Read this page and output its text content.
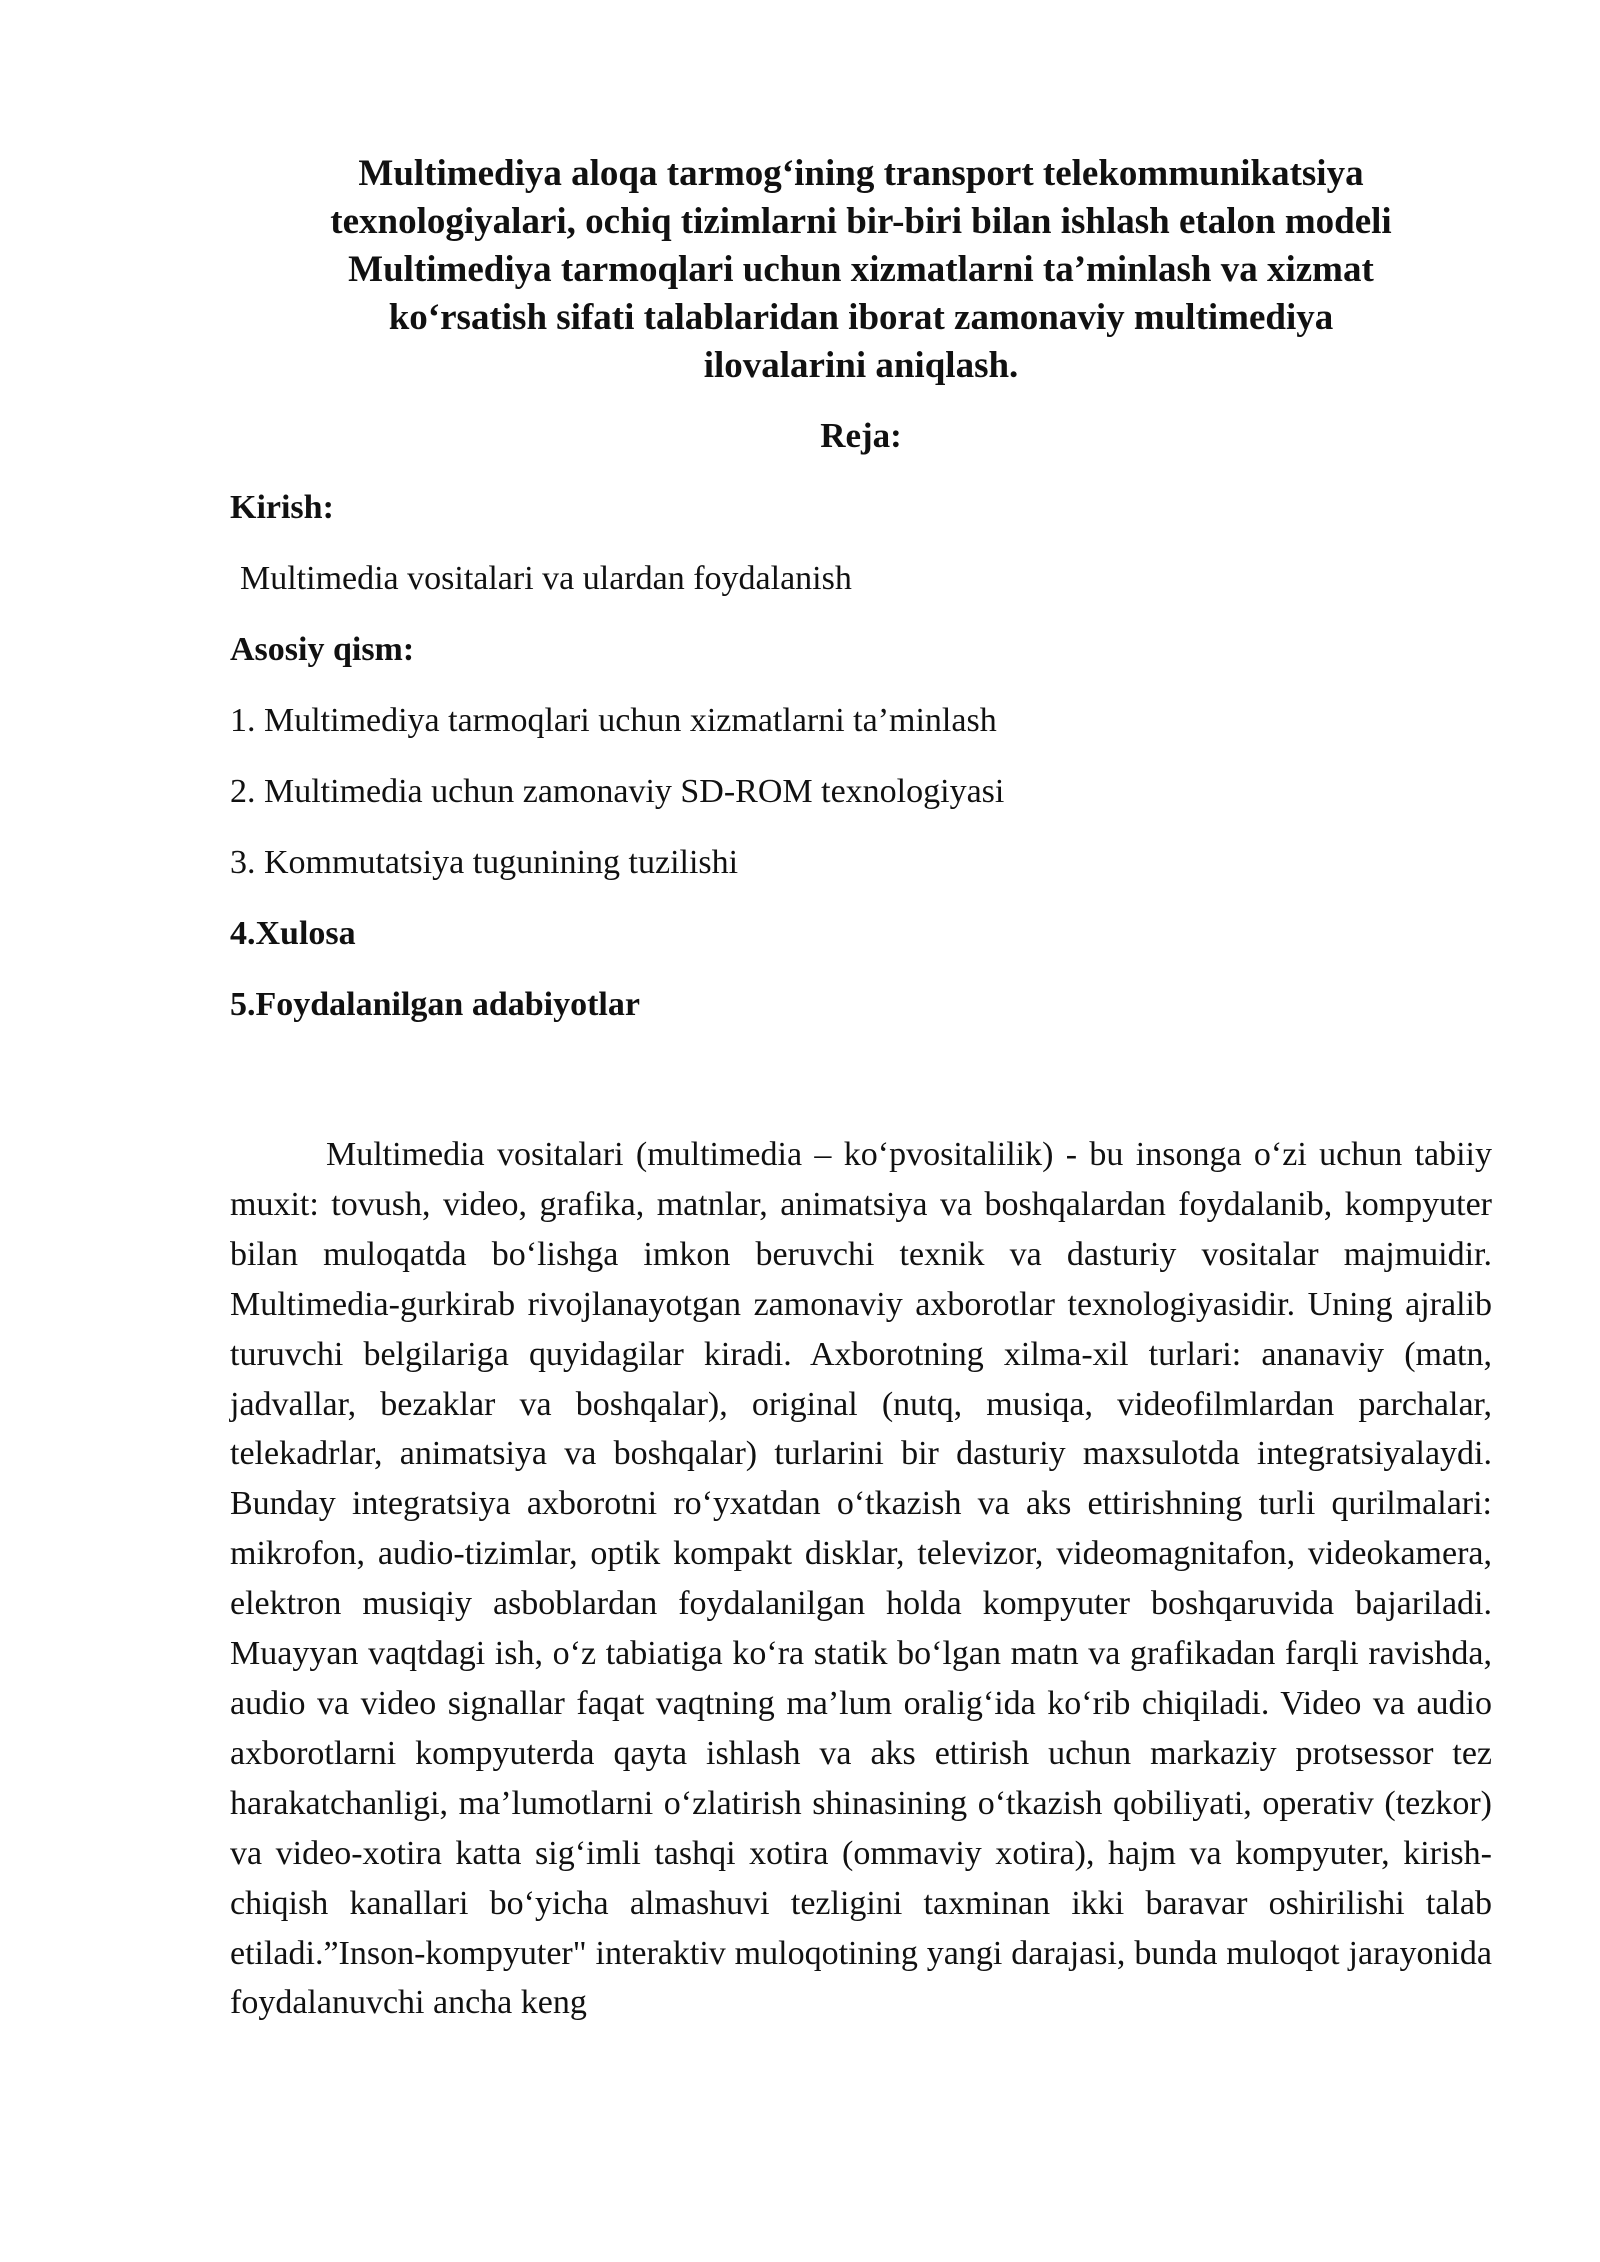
Multimediya aloqa tarmog‘ining transport telekommunikatsiya
texnologiyalari, ochiq tizimlarni bir-biri bilan ishlash etalon modeli
Multimediya tarmoqlari uchun xizmatlarni ta’minlash va xizmat
ko‘rsatish sifati talablaridan iborat zamonaviy multimediya
ilovalarini aniqlash.
Reja:
Kirish:
Multimedia vositalari va ulardan foydalanish
Asosiy qism:
1. Multimediya tarmoqlari uchun xizmatlarni ta’minlash
2. Multimedia uchun zamonaviy SD-ROM texnologiyasi
3. Kommutatsiya tugunining tuzilishi
4.Xulosa
5.Foydalanilgan adabiyotlar

Multimedia vositalari (multimedia – ko‘pvositalilik) - bu insonga o‘zi uchun tabiiy muxit: tovush, video, grafika, matnlar, animatsiya va boshqalardan foydalanib, kompyuter bilan muloqatda bo‘lishga imkon beruvchi texnik va dasturiy vositalar majmuidir. Multimedia-gurkirab rivojlanayotgan zamonaviy axborotlar texnologiyasidir. Uning ajralib turuvchi belgilariga quyidagilar kiradi. Axborotning xilma-xil turlari: ananaviy (matn, jadvallar, bezaklar va boshqalar), original (nutq, musiqa, videofilmlardan parchalar, telekadrlar, animatsiya va boshqalar) turlarini bir dasturiy maxsulotda integratsiyalaydi. Bunday integratsiya axborotni ro‘yxatdan o‘tkazish va aks ettirishning turli qurilmalari: mikrofon, audio-tizimlar, optik kompakt disklar, televizor, videomagnitafon, videokamera, elektron musiqiy asboblardan foydalanilgan holda kompyuter boshqaruvida bajariladi. Muayyan vaqtdagi ish, o‘z tabiatiga ko‘ra statik bo‘lgan matn va grafikadan farqli ravishda, audio va video signallar faqat vaqtning ma’lum oralig‘ida ko‘rib chiqiladi. Video va audio axborotlarni kompyuterda qayta ishlash va aks ettirish uchun markaziy protsessor tez harakatchanligi, ma’lumotlarni o‘zlatirish shinasining o‘tkazish qobiliyati, operativ (tezkor) va video-xotira katta sig‘imli tashqi xotira (ommaviy xotira), hajm va kompyuter, kirish-chiqish kanallari bo‘yicha almashuvi tezligini taxminan ikki baravar oshirilishi talab etiladi.”Inson-kompyuter" interaktiv muloqotining yangi darajasi, bunda muloqot jarayonida foydalanuvchi ancha keng
